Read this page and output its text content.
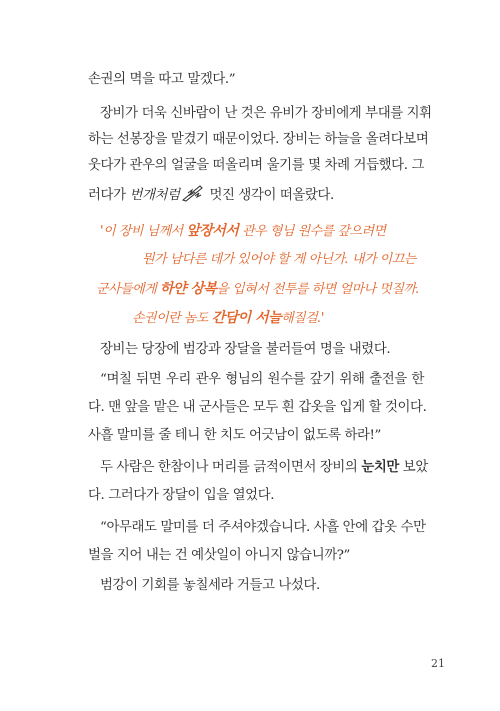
손권의 멱을 따고 말겠다.”
장비가 더욱 신바람이 난 것은 유비가 장비에게 부대를 지휘
하는 선봉장을 맡겼기 때문이었다. 장비는 하늘을 올려다보며
웃다가 관우의 얼굴을 떠올리며 울기를 몇 차례 거듭했다. 그
러다가 번개처럼 멋진 생각이 떠올랐다.
'이 장비 님께서 앞장서서 관우 형님 원수를 갚으려면
뭔가 남다른 데가 있어야 할 게 아닌가. 내가 이끄는
군사들에게 하얀 상복을 입혀서 전투를 하면 얼마나 멋질까.
손권이란 놈도 간담이 서늘해질걸.'
장비는 당장에 범강과 장달을 불러들여 명을 내렸다.
“며칠 뒤면 우리 관우 형님의 원수를 갚기 위해 출전을 한
다. 맨 앞을 맡은 내 군사들은 모두 흰 갑옷을 입게 할 것이다.
사흘 말미를 줄 테니 한 치도 어긋남이 없도록 하라!”
두 사람은 한참이나 머리를 긁적이면서 장비의 눈치만 보았
다. 그러다가 장달이 입을 열었다.
“아무래도 말미를 더 주셔야겠습니다. 사흘 안에 갑옷 수만
벌을 지어 내는 건 예삿일이 아니지 않습니까?”
범강이 기회를 놓칠세라 거들고 나섰다.
21
